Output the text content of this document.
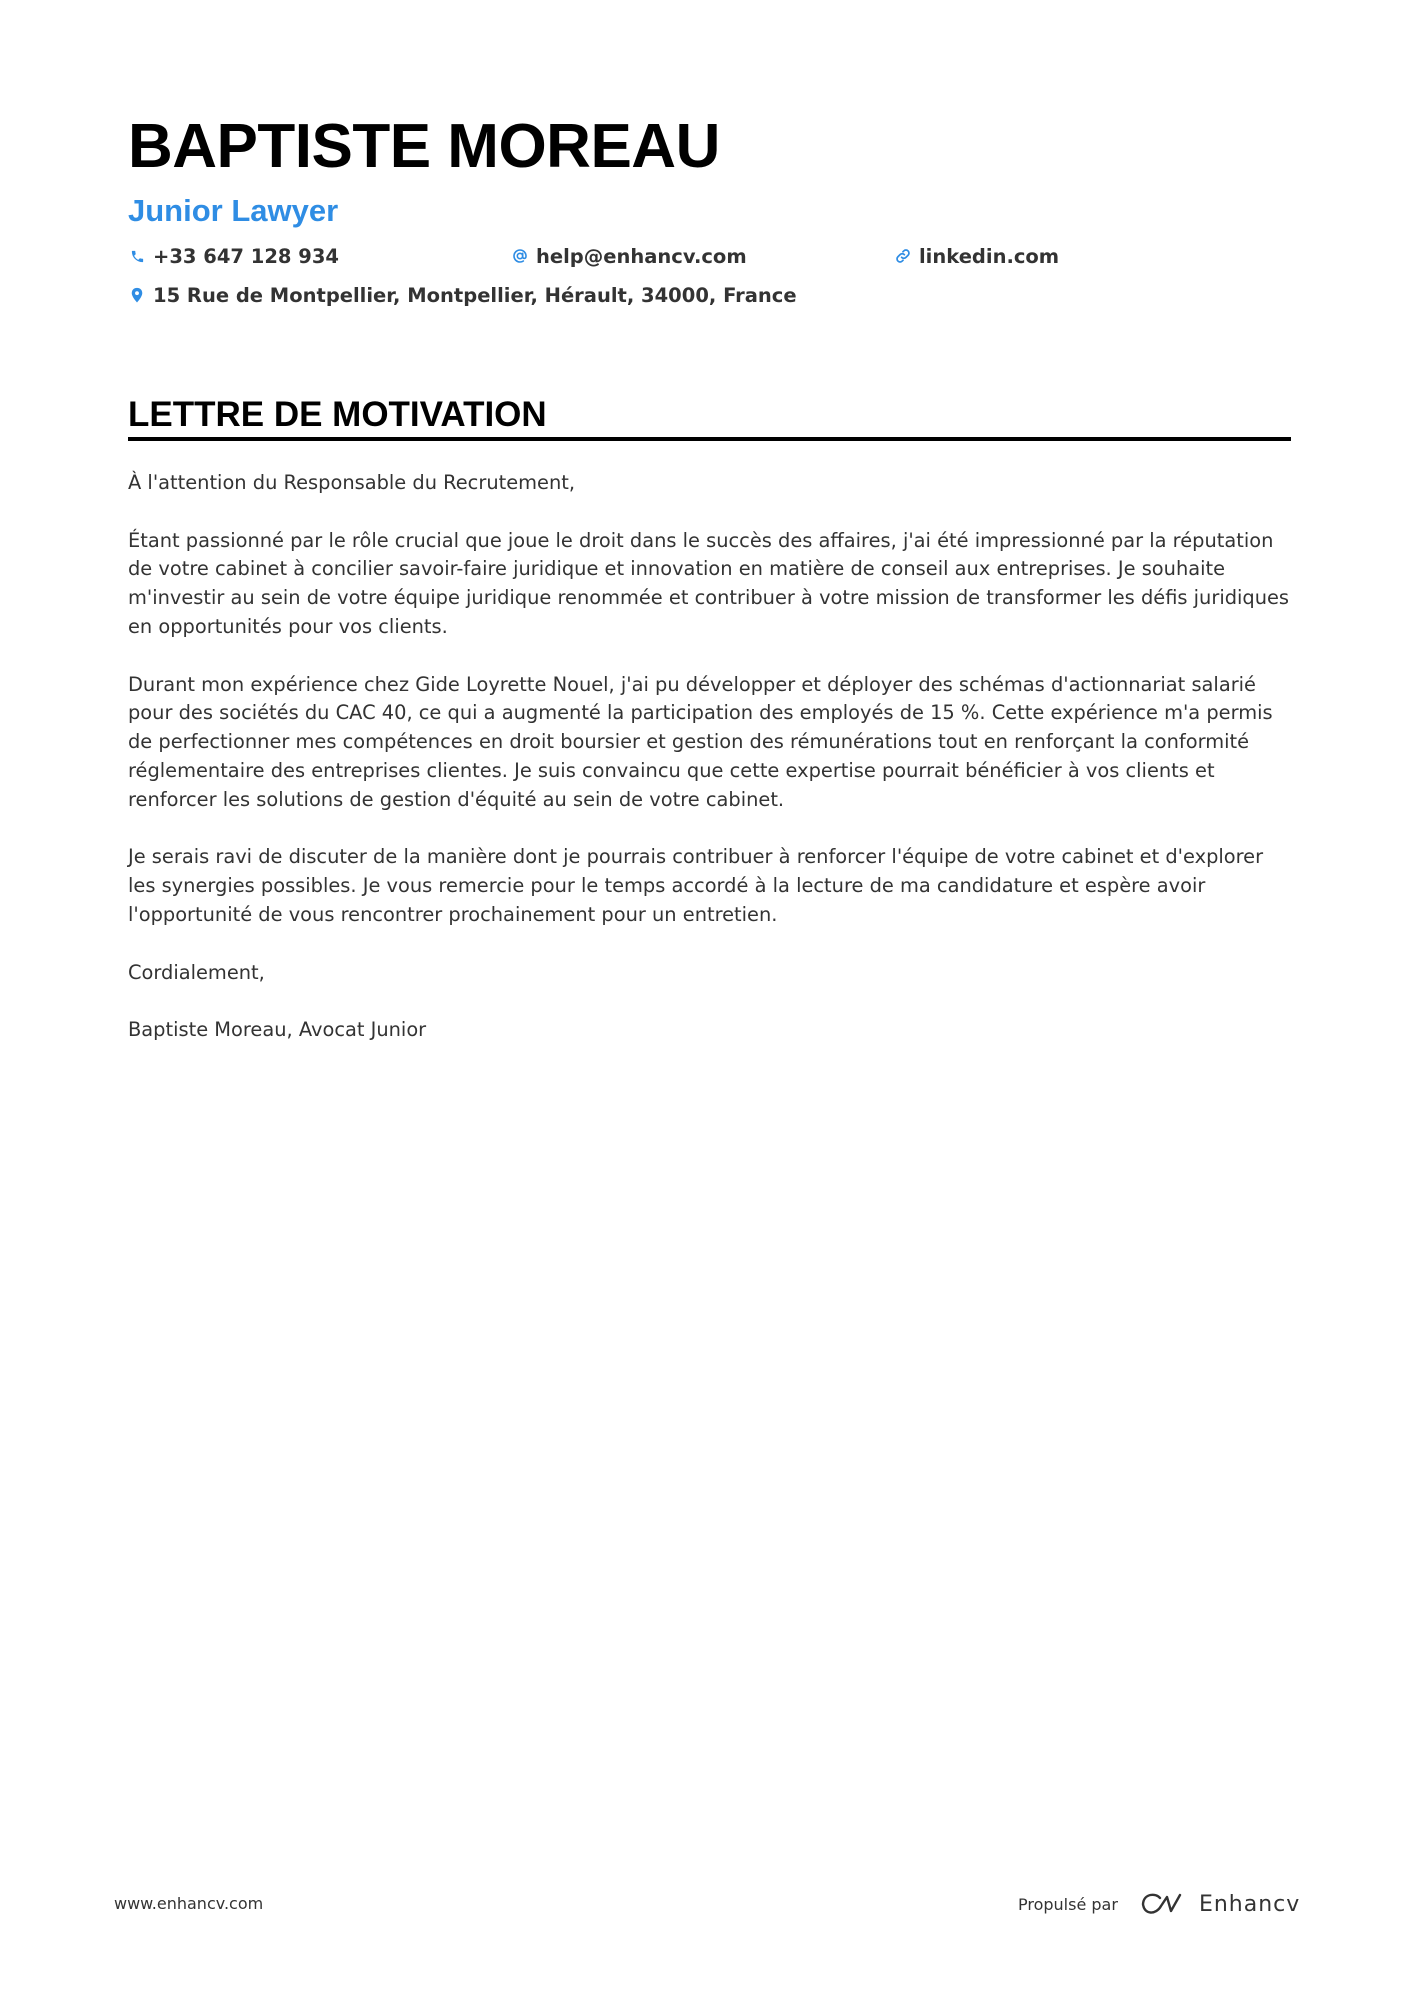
BAPTISTE MOREAU
Junior Lawyer
+33 647 128 934	help@enhancv.com	linkedin.com
15 Rue de Montpellier, Montpellier, Hérault, 34000, France
LETTRE DE MOTIVATION

À l'attention du Responsable du Recrutement,

Étant passionné par le rôle crucial que joue le droit dans le succès des affaires, j'ai été impressionné par la réputation de votre cabinet à concilier savoir-faire juridique et innovation en matière de conseil aux entreprises. Je souhaite m'investir au sein de votre équipe juridique renommée et contribuer à votre mission de transformer les défis juridiques en opportunités pour vos clients.

Durant mon expérience chez Gide Loyrette Nouel, j'ai pu développer et déployer des schémas d'actionnariat salarié pour des sociétés du CAC 40, ce qui a augmenté la participation des employés de 15 %. Cette expérience m'a permis de perfectionner mes compétences en droit boursier et gestion des rémunérations tout en renforçant la conformité réglementaire des entreprises clientes. Je suis convaincu que cette expertise pourrait bénéficier à vos clients et renforcer les solutions de gestion d'équité au sein de votre cabinet.

Je serais ravi de discuter de la manière dont je pourrais contribuer à renforcer l'équipe de votre cabinet et d'explorer les synergies possibles. Je vous remercie pour le temps accordé à la lecture de ma candidature et espère avoir l'opportunité de vous rencontrer prochainement pour un entretien.

Cordialement,

Baptiste Moreau, Avocat Junior

www.enhancv.com	Propulsé par	Enhancv
